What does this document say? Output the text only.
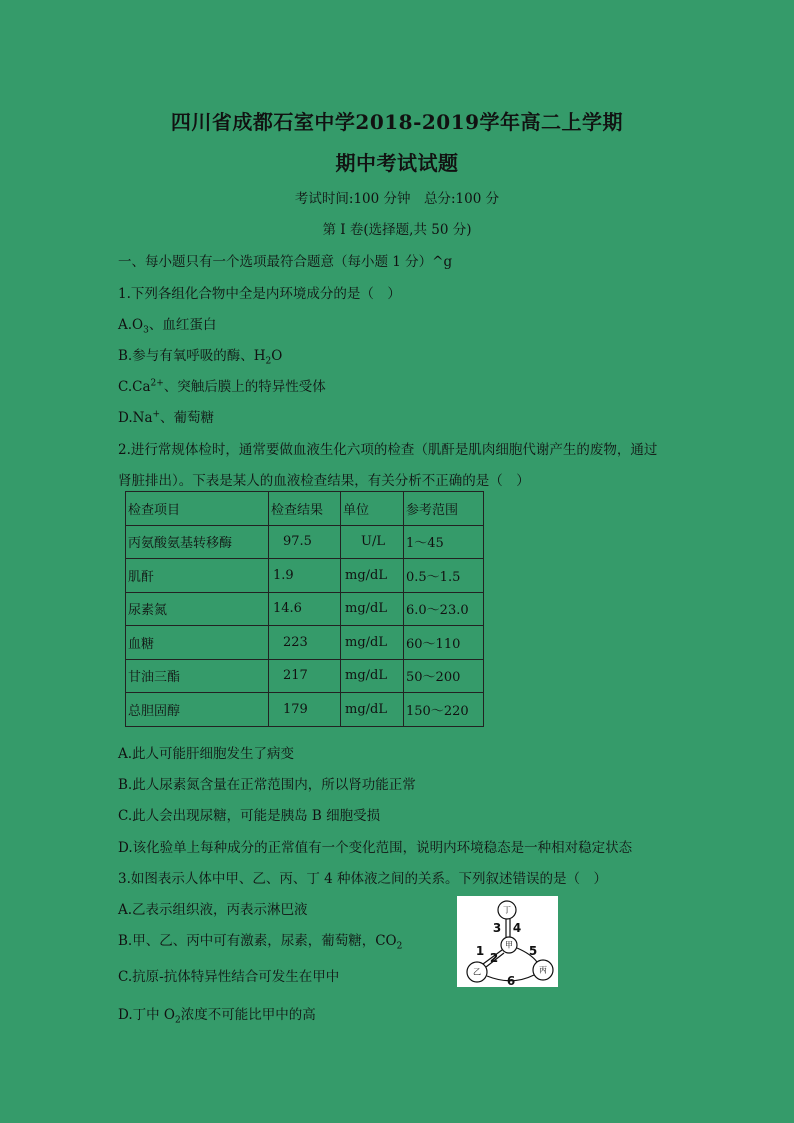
四川省成都石室中学2018-2019学年高二上学期
期中考试试题
考试时间:100 分钟　总分:100 分
第 I 卷(选择题,共 50 分)
一、每小题只有一个选项最符合题意（每小题 1 分）^g
1.下列各组化合物中全是内环境成分的是（　）
$A.O_3$、血红蛋白
B.参与有氧呼吸的酶、$H_2O$
$C.Ca^{2+}$、突触后膜上的特异性受体
D.Na+、葡萄糖
2.进行常规体检时，通常要做血液生化六项的检查（肌酐是肌肉细胞代谢产生的废物，通过
肾脏排出）。下表是某人的血液检查结果，有关分析不正确的是（　）
检查项目	检查结果	单位	参考范围
丙氨酸氨基转移酶	97.5	U/L	1～45
肌酐	1.9	mg/dL	0.5～1.5
尿素氮	14.6	mg/dL	6.0～23.0
血糖	223	mg/dL	60～110
甘油三酯	217	mg/dL	50～200
总胆固醇	179	mg/dL	150～220
A.此人可能肝细胞发生了病变
B.此人尿素氮含量在正常范围内，所以肾功能正常
C.此人会出现尿糖，可能是胰岛 B 细胞受损
D.该化验单上每种成分的正常值有一个变化范围，说明内环境稳态是一种相对稳定状态
3.如图表示人体中甲、乙、丙、丁 4 种体液之间的关系。下列叙述错误的是（　）
A.乙表示组织液，丙表示淋巴液
B.甲、乙、丙中可有激素，尿素，葡萄糖，$CO_2$
C.抗原-抗体特异性结合可发生在甲中
D.丁中 $O_2$浓度不可能比甲中的高
丁
甲
乙	丙
3 4
1 2	5
6
